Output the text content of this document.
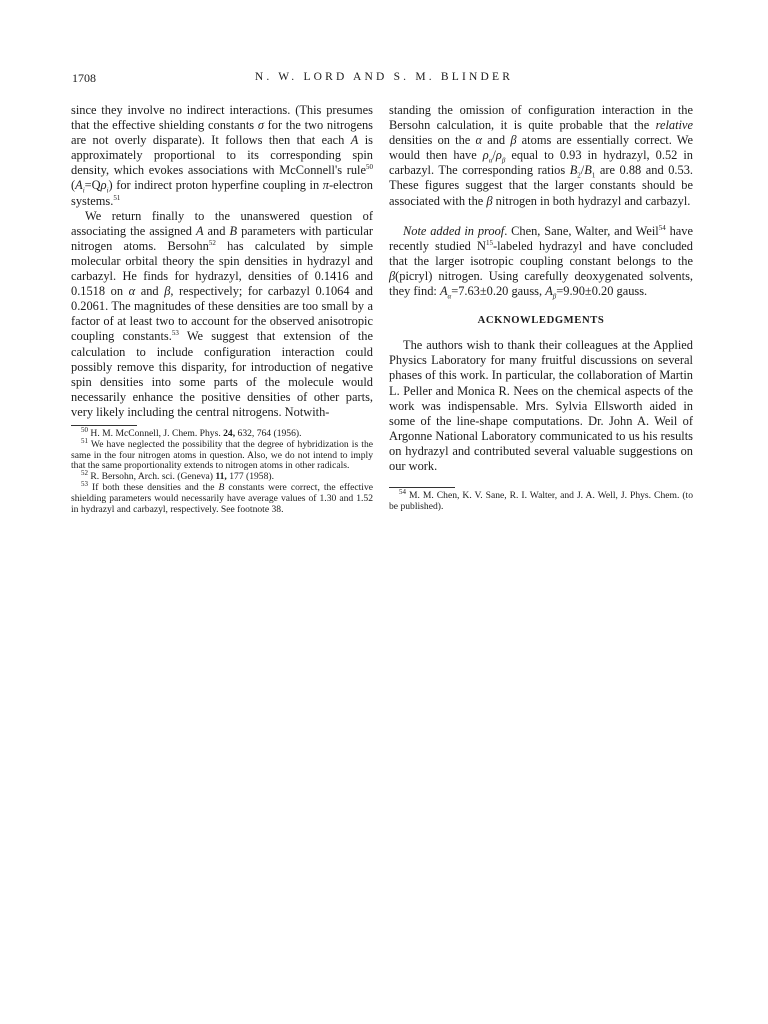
1708	N. W. LORD AND S. M. BLINDER

since they involve no indirect interactions. (This presumes that the effective shielding constants σ for the two nitrogens are not overly disparate). It follows then that each A is approximately proportional to its corresponding spin density, which evokes associations with McConnell's rule$^{50}$ $(A_i=Q\rho_i)$ for indirect proton hyperfine coupling in π-electron systems.$^{51}$

We return finally to the unanswered question of associating the assigned A and B parameters with particular nitrogen atoms. Bersohn$^{52}$ has calculated by simple molecular orbital theory the spin densities in hydrazyl and carbazyl. He finds for hydrazyl, densities of 0.1416 and 0.1518 on α and β, respectively; for carbazyl 0.1064 and 0.2061. The magnitudes of these densities are too small by a factor of at least two to account for the observed anisotropic coupling constants.$^{53}$ We suggest that extension of the calculation to include configuration interaction could possibly remove this disparity, for introduction of negative spin densities into some parts of the molecule would necessarily enhance the positive densities of other parts, very likely including the central nitrogens. Notwith-

$^{50}$ H. M. McConnell, J. Chem. Phys. 24, 632, 764 (1956).

$^{51}$ We have neglected the possibility that the degree of hybridization is the same in the four nitrogen atoms in question. Also, we do not intend to imply that the same proportionality extends to nitrogen atoms in other radicals.

$^{52}$ R. Bersohn, Arch. sci. (Geneva) 11, 177 (1958).

$^{53}$ If both these densities and the B constants were correct, the effective shielding parameters would necessarily have average values of 1.30 and 1.52 in hydrazyl and carbazyl, respectively. See footnote 38.

standing the omission of configuration interaction in the Bersohn calculation, it is quite probable that the relative densities on the α and β atoms are essentially correct. We would then have $\rho_\alpha/\rho_\beta$ equal to 0.93 in hydrazyl, 0.52 in carbazyl. The corresponding ratios $B_2/B_1$ are 0.88 and 0.53. These figures suggest that the larger constants should be associated with the β nitrogen in both hydrazyl and carbazyl.

Note added in proof. Chen, Sane, Walter, and Weil$^{54}$ have recently studied $N^{15}$-labeled hydrazyl and have concluded that the larger isotropic coupling constant belongs to the β(picryl) nitrogen. Using carefully deoxygenated solvents, they find: $A_\alpha=7.63\pm 0.20$ gauss, $A_\beta=9.90\pm 0.20$ gauss.

ACKNOWLEDGMENTS

The authors wish to thank their colleagues at the Applied Physics Laboratory for many fruitful discussions on several phases of this work. In particular, the collaboration of Martin L. Peller and Monica R. Nees on the chemical aspects of the work was indispensable. Mrs. Sylvia Ellsworth aided in some of the line-shape computations. Dr. John A. Weil of Argonne National Laboratory communicated to us his results on hydrazyl and contributed several valuable suggestions on our work.

$^{54}$ M. M. Chen, K. V. Sane, R. I. Walter, and J. A. Well, J. Phys. Chem. (to be published).
